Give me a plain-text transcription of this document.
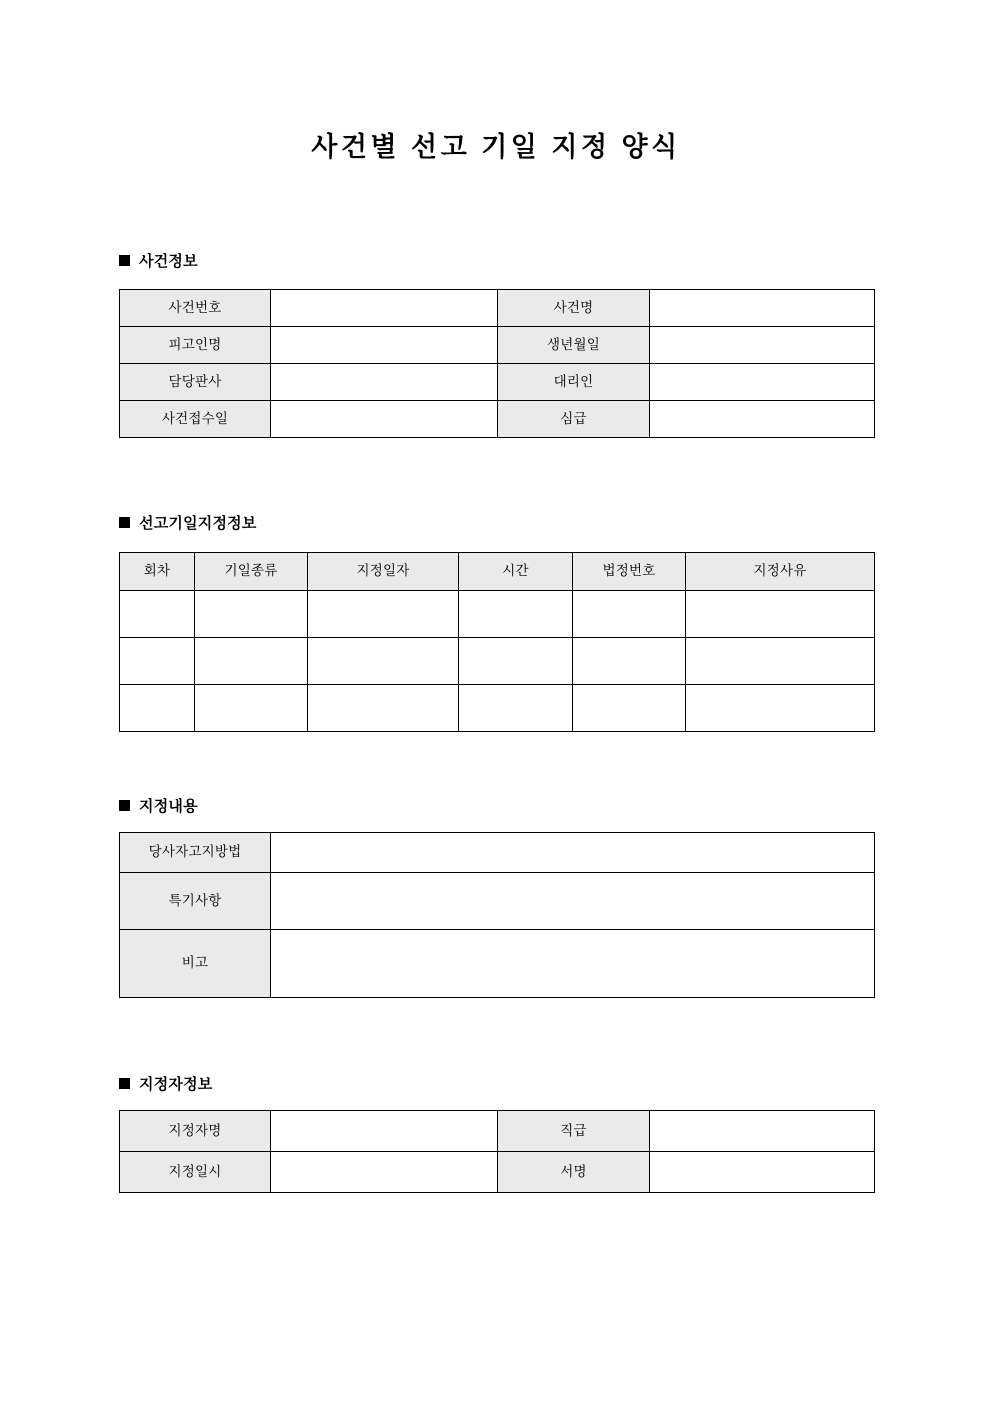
사건별 선고 기일 지정 양식
사건정보
사건번호		사건명	
피고인명		생년월일	
담당판사		대리인	
사건접수일		심급	
선고기일지정정보
회차	기일종류	지정일자	시간	법정번호	지정사유

지정내용
당사자고지방법	
특기사항	
비고	
지정자정보
지정자명		직급	
지정일시		서명	
